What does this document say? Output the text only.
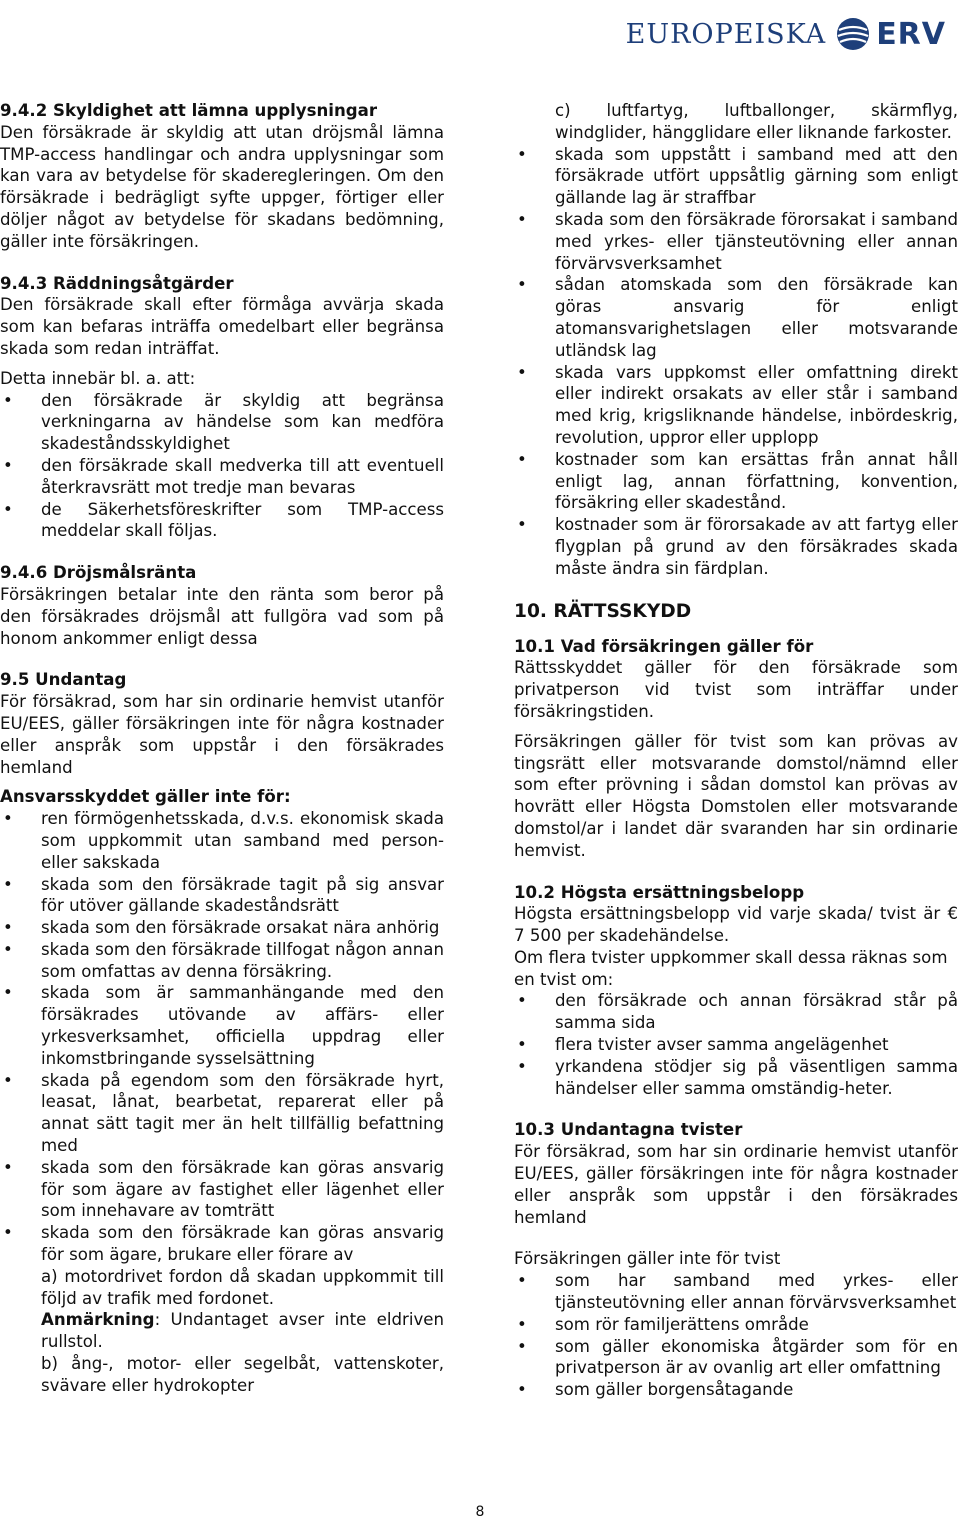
EUROPEISKA ERV
9.4.2 Skyldighet att lämna upplysningar

Den försäkrade är skyldig att utan dröjsmål lämna TMP-access handlingar och andra upplysningar som kan vara av betydelse för skaderegleringen. Om den försäkrade i bedrägligt syfte uppger, förtiger eller döljer något av betydelse för skadans bedömning, gäller inte försäkringen.

9.4.3 Räddningsåtgärder

Den försäkrade skall efter förmåga avvärja skada som kan befaras inträffa omedelbart eller begränsa skada som redan inträffat.

Detta innebär bl. a. att:

• den försäkrade är skyldig att begränsa verkningarna av händelse som kan medföra skadeståndsskyldighet
• den försäkrade skall medverka till att eventuell återkravsrätt mot tredje man bevaras
• de Säkerhetsföreskrifter som TMP-access meddelar skall följas.
9.4.6 Dröjsmålsränta

Försäkringen betalar inte den ränta som beror på den försäkrades dröjsmål att fullgöra vad som på honom ankommer enligt dessa

9.5 Undantag

För försäkrad, som har sin ordinarie hemvist utanför EU/EES, gäller försäkringen inte för några kostnader eller anspråk som uppstår i den försäkrades hemland

Ansvarsskyddet gäller inte för:
• ren förmögenhetsskada, d.v.s. ekonomisk skada som uppkommit utan samband med person- eller sakskada
• skada som den försäkrade tagit på sig ansvar för utöver gällande skadeståndsrätt
• skada som den försäkrade orsakat nära anhörig
• skada som den försäkrade tillfogat någon annan som omfattas av denna försäkring.
• skada som är sammanhängande med den försäkrades utövande av affärs- eller yrkesverksamhet, officiella uppdrag eller inkomstbringande sysselsättning
• skada på egendom som den försäkrade hyrt, leasat, lånat, bearbetat, reparerat eller på annat sätt tagit mer än helt tillfällig befattning med
• skada som den försäkrade kan göras ansvarig för som ägare av fastighet eller lägenhet eller som innehavare av tomträtt
• skada som den försäkrade kan göras ansvarig för som ägare, brukare eller förare av

a) motordrivet fordon då skadan uppkommit till följd av trafik med fordonet.

Anmärkning: Undantaget avser inte eldriven rullstol.

b) ång-, motor- eller segelbåt, vattenskoter, svävare eller hydrokopter

c) luftfartyg, luftballonger, skärmflyg, windglider, hängglidare eller liknande farkoster.

• skada som uppstått i samband med att den försäkrade utfört uppsåtlig gärning som enligt gällande lag är straffbar
• skada som den försäkrade förorsakat i samband med yrkes- eller tjänsteutövning eller annan förvärvsverksamhet
• sådan atomskada som den försäkrade kan göras ansvarig för enligt atomansvarighetslagen eller motsvarande utländsk lag
• skada vars uppkomst eller omfattning direkt eller indirekt orsakats av eller står i samband med krig, krigsliknande händelse, inbördeskrig, revolution, uppror eller upplopp
• kostnader som kan ersättas från annat håll enligt lag, annan författning, konvention, försäkring eller skadestånd.
• kostnader som är förorsakade av att fartyg eller flygplan på grund av den försäkrades skada måste ändra sin färdplan.
10. RÄTTSSKYDD
10.1 Vad försäkringen gäller för

Rättsskyddet gäller för den försäkrade som privatperson vid tvist som inträffar under försäkringstiden.

Försäkringen gäller för tvist som kan prövas av tingsrätt eller motsvarande domstol/nämnd eller som efter prövning i sådan domstol kan prövas av hovrätt eller Högsta Domstolen eller motsvarande domstol/ar i landet där svaranden har sin ordinarie hemvist.

10.2 Högsta ersättningsbelopp

Högsta ersättningsbelopp vid varje skada/ tvist är € 7 500 per skadehändelse.

Om flera tvister uppkommer skall dessa räknas som en tvist om:

• den försäkrade och annan försäkrad står på samma sida
• flera tvister avser samma angelägenhet
• yrkandena stödjer sig på väsentligen samma händelser eller samma omständig-heter.
10.3 Undantagna tvister

För försäkrad, som har sin ordinarie hemvist utanför EU/EES, gäller försäkringen inte för några kostnader eller anspråk som uppstår i den försäkrades hemland

Försäkringen gäller inte för tvist

• som har samband med yrkes- eller tjänsteutövning eller annan förvärvsverksamhet
• som rör familjerättens område
• som gäller ekonomiska åtgärder som för en privatperson är av ovanlig art eller omfattning
• som gäller borgensåtagande
8
